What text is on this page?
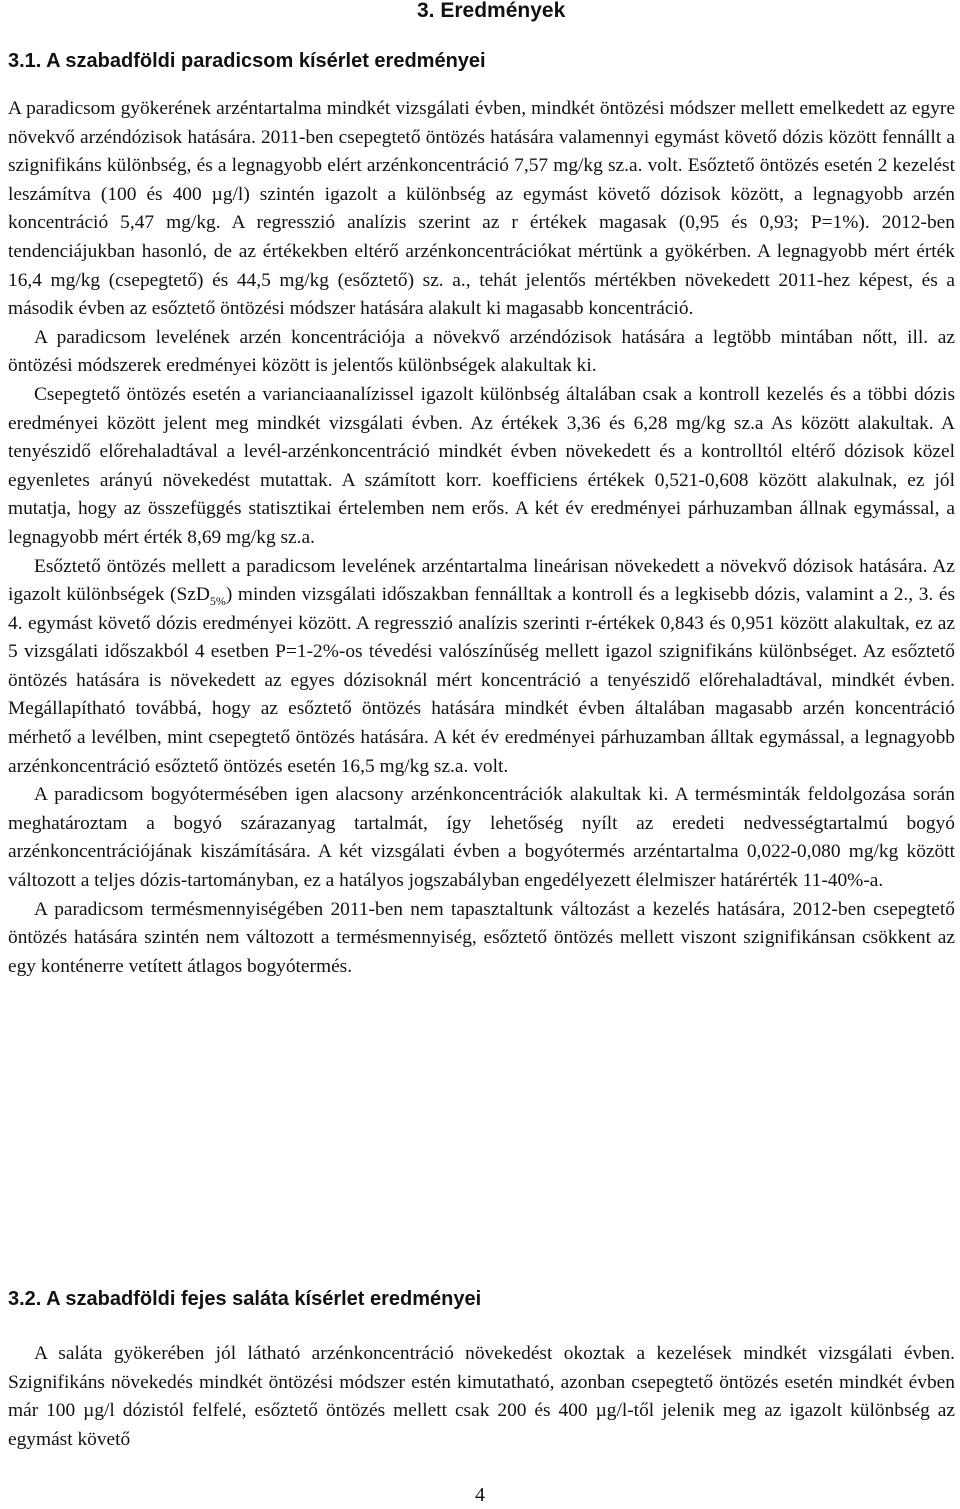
3. Eredmények
3.1. A szabadföldi paradicsom kísérlet eredményei

A paradicsom gyökerének arzéntartalma mindkét vizsgálati évben, mindkét öntözési módszer mellett emelkedett az egyre növekvő arzéndózisok hatására. 2011-ben csepegtető öntözés hatására valamennyi egymást követő dózis között fennállt a szignifikáns különbség, és a legnagyobb elért arzénkoncentráció 7,57 mg/kg sz.a. volt. Esőztető öntözés esetén 2 kezelést leszámítva (100 és 400 µg/l) szintén igazolt a különbség az egymást követő dózisok között, a legnagyobb arzén koncentráció 5,47 mg/kg. A regresszió analízis szerint az r értékek magasak (0,95 és 0,93; P=1%). 2012-ben tendenciájukban hasonló, de az értékekben eltérő arzénkoncentrációkat mértünk a gyökérben. A legnagyobb mért érték 16,4 mg/kg (csepegtető) és 44,5 mg/kg (esőztető) sz. a., tehát jelentős mértékben növekedett 2011-hez képest, és a második évben az esőztető öntözési módszer hatására alakult ki magasabb koncentráció.

A paradicsom levelének arzén koncentrációja a növekvő arzéndózisok hatására a legtöbb mintában nőtt, ill. az öntözési módszerek eredményei között is jelentős különbségek alakultak ki.

Csepegtető öntözés esetén a varianciaanalízissel igazolt különbség általában csak a kontroll kezelés és a többi dózis eredményei között jelent meg mindkét vizsgálati évben. Az értékek 3,36 és 6,28 mg/kg sz.a As között alakultak. A tenyészidő előrehaladtával a levél-arzénkoncentráció mindkét évben növekedett és a kontrolltól eltérő dózisok közel egyenletes arányú növekedést mutattak. A számított korr. koefficiens értékek 0,521-0,608 között alakulnak, ez jól mutatja, hogy az összefüggés statisztikai értelemben nem erős. A két év eredményei párhuzamban állnak egymással, a legnagyobb mért érték 8,69 mg/kg sz.a.

Esőztető öntözés mellett a paradicsom levelének arzéntartalma lineárisan növekedett a növekvő dózisok hatására. Az igazolt különbségek (SzD$_{5\%}$) minden vizsgálati időszakban fennálltak a kontroll és a legkisebb dózis, valamint a 2., 3. és 4. egymást követő dózis eredményei között. A regresszió analízis szerinti r-értékek 0,843 és 0,951 között alakultak, ez az 5 vizsgálati időszakból 4 esetben P=1-2%-os tévedési valószínűség mellett igazol szignifikáns különbséget. Az esőztető öntözés hatására is növekedett az egyes dózisoknál mért koncentráció a tenyészidő előrehaladtával, mindkét évben. Megállapítható továbbá, hogy az esőztető öntözés hatására mindkét évben általában magasabb arzén koncentráció mérhető a levélben, mint csepegtető öntözés hatására. A két év eredményei párhuzamban álltak egymással, a legnagyobb arzénkoncentráció esőztető öntözés esetén 16,5 mg/kg sz.a. volt.

A paradicsom bogyótermésében igen alacsony arzénkoncentrációk alakultak ki. A termésminták feldolgozása során meghatároztam a bogyó szárazanyag tartalmát, így lehetőség nyílt az eredeti nedvességtartalmú bogyó arzénkoncentrációjának kiszámítására. A két vizsgálati évben a bogyótermés arzéntartalma 0,022-0,080 mg/kg között változott a teljes dózis-tartományban, ez a hatályos jogszabályban engedélyezett élelmiszer határérték 11-40%-a.

A paradicsom termésmennyiségében 2011-ben nem tapasztaltunk változást a kezelés hatására, 2012-ben csepegtető öntözés hatására szintén nem változott a termésmennyiség, esőztető öntözés mellett viszont szignifikánsan csökkent az egy konténerre vetített átlagos bogyótermés.

3.2. A szabadföldi fejes saláta kísérlet eredményei

A saláta gyökerében jól látható arzénkoncentráció növekedést okoztak a kezelések mindkét vizsgálati évben. Szignifikáns növekedés mindkét öntözési módszer estén kimutatható, azonban csepegtető öntözés esetén mindkét évben már 100 µg/l dózistól felfelé, esőztető öntözés mellett csak 200 és 400 µg/l-től jelenik meg az igazolt különbség az egymást követő

4
